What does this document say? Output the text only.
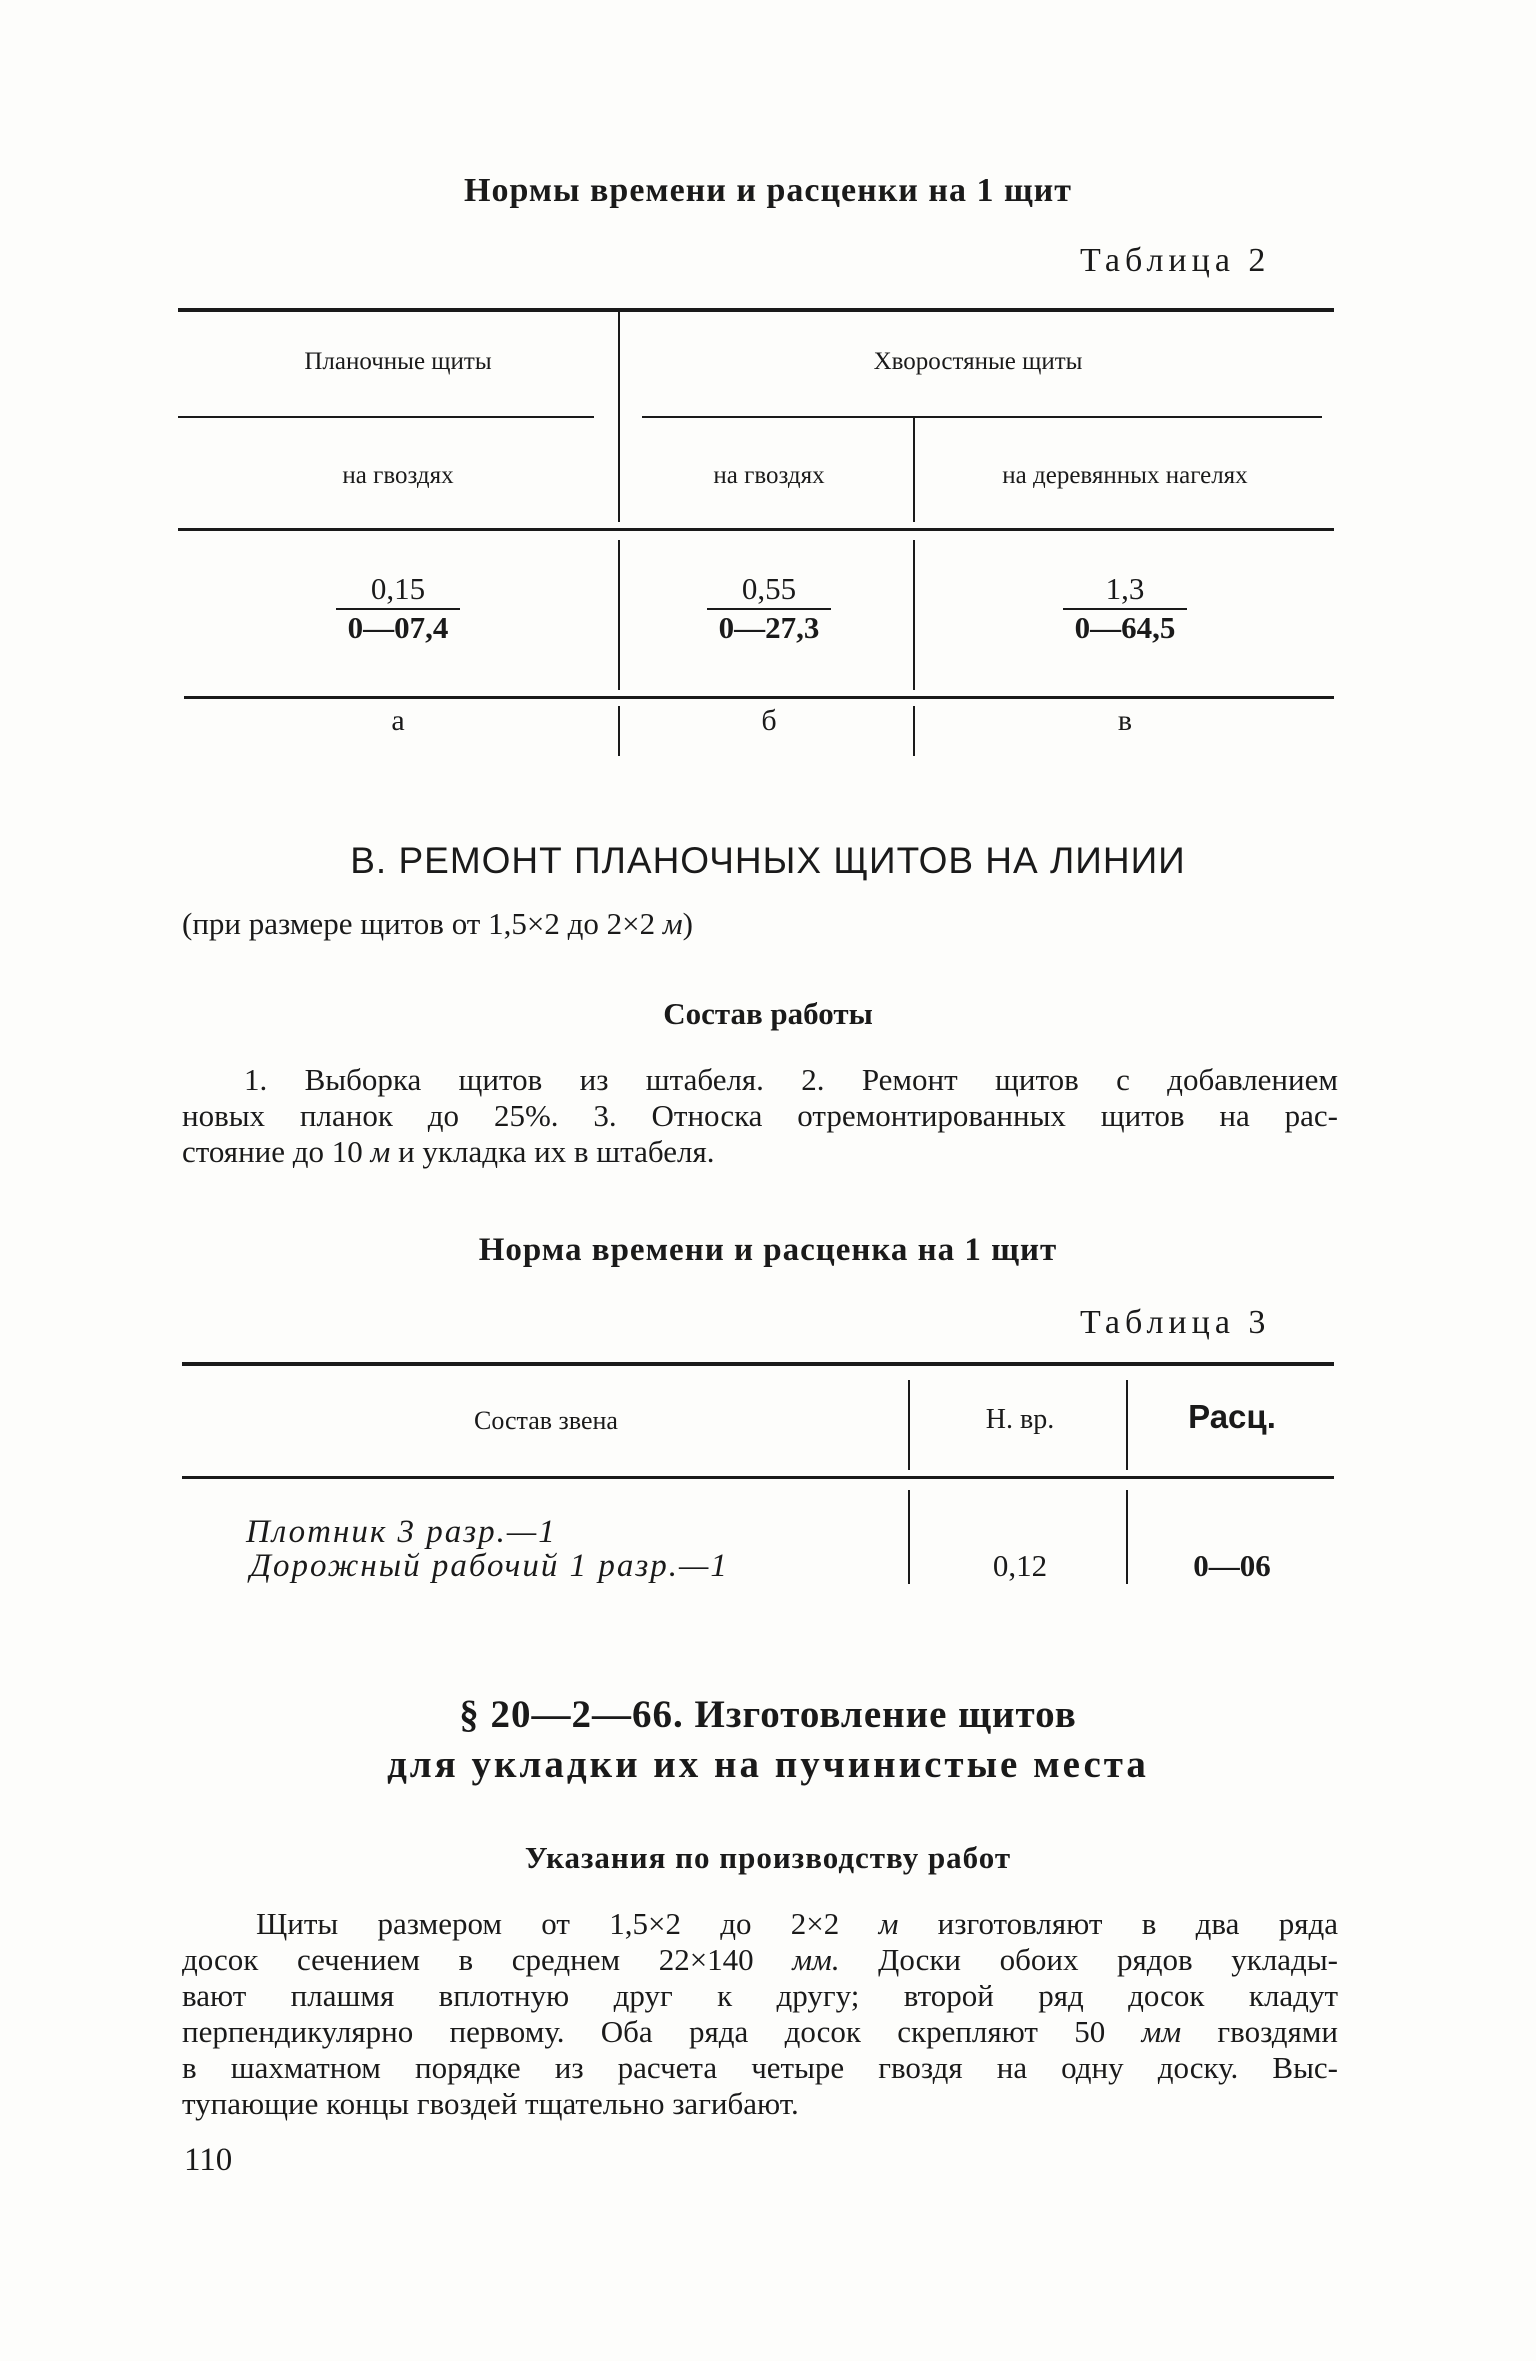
Нормы времени и расценки на 1 щит
Таблица 2
Планочные щиты	Хворостяные щиты
на гвоздях	на гвоздях	на деревянных нагелях
$\frac{0,15}{0—07,4}$	$\frac{0,55}{0—27,3}$	$\frac{1,3}{0—64,5}$
а	б	в
В. РЕМОНТ ПЛАНОЧНЫХ ЩИТОВ НА ЛИНИИ
(при размере щитов от 1,5×2 до 2×2 м)
Состав работы
1. Выборка щитов из штабеля. 2. Ремонт щитов с добавлением
новых планок до 25%. 3. Относка отремонтированных щитов на рас-
стояние до 10 м и укладка их в штабеля.
Норма времени и расценка на 1 щит
Таблица 3
Состав звена	Н. вр.	Расц.
Плотник 3 разр.—1
Дорожный рабочий 1 разр.—1	0,12	0—06
§ 20—2—66. Изготовление щитов
для укладки их на пучинистые места
Указания по производству работ
Щиты размером от 1,5×2 до 2×2 м изготовляют в два ряда
досок сечением в среднем 22×140 мм. Доски обоих рядов уклады-
вают плашмя вплотную друг к другу; второй ряд досок кладут
перпендикулярно первому. Оба ряда досок скрепляют 50 мм гвоздями
в шахматном порядке из расчета четыре гвоздя на одну доску. Выс-
тупающие концы гвоздей тщательно загибают.
110
